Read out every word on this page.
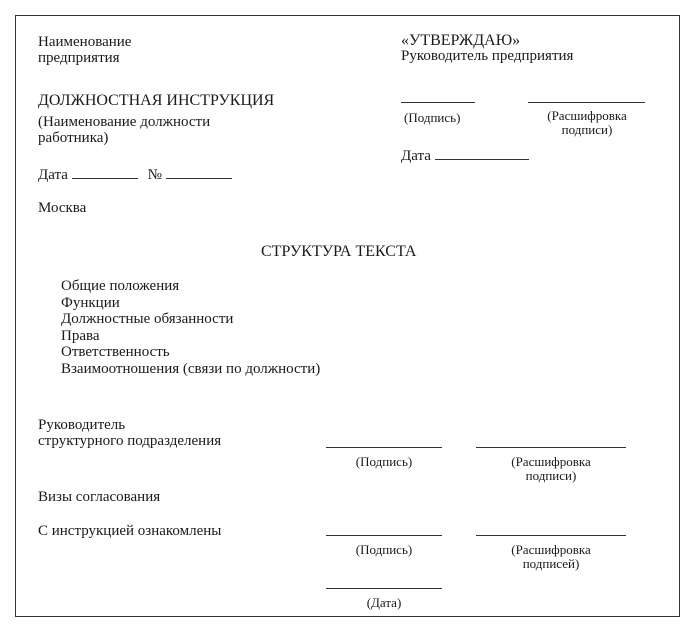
Наименование
предприятия
«УТВЕРЖДАЮ»
Руководитель предприятия
(Подпись)	(Расшифровка
подписи)
Дата
ДОЛЖНОСТНАЯ ИНСТРУКЦИЯ
(Наименование должности
работника)
Дата	№
Москва
СТРУКТУРА ТЕКСТА
Общие положения
Функции
Должностные обязанности
Права
Ответственность
Взаимоотношения (связи по должности)
Руководитель
структурного подразделения
(Подпись)	(Расшифровка
подписи)
Визы согласования
С инструкцией ознакомлены
(Подпись)	(Расшифровка
подписей)
(Дата)
